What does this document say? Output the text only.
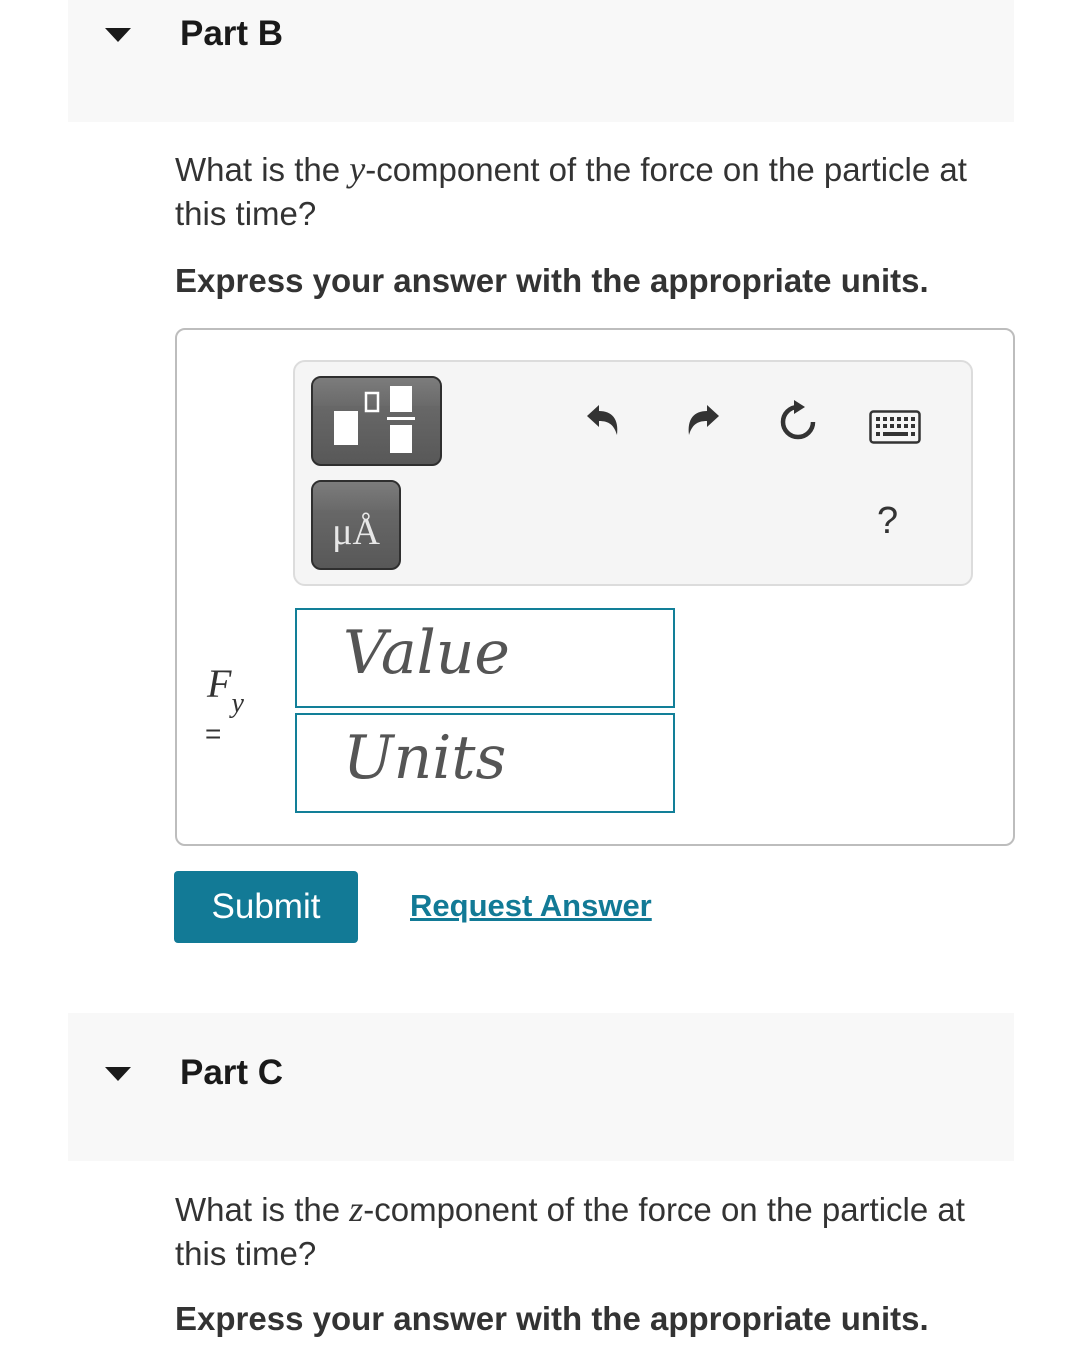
Part B
What is the y-component of the force on the particle at this time?
Express your answer with the appropriate units.
μÅ	?
$F_y$
=
Value
Units
Submit	Request Answer
Part C
What is the z-component of the force on the particle at this time?
Express your answer with the appropriate units.
